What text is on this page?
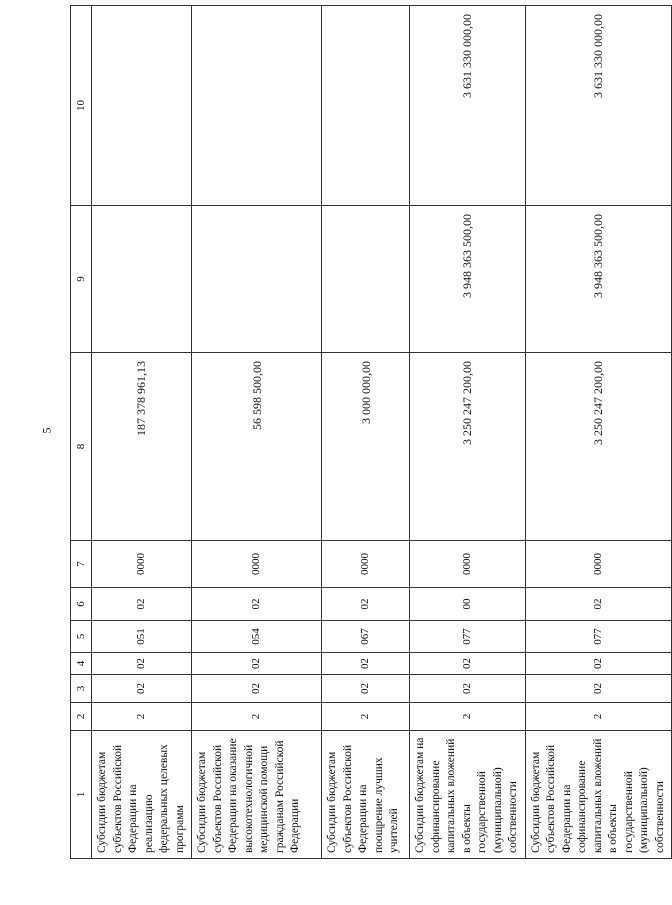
5
1	2	3	4	5	6	7	8	9	10
Субсидии бюджетам субъектов Российской Федерации на реализацию федеральных целевых программ	2	02	02	051	02	0000	187 378 961,13		
Субсидии бюджетам субъектов Российской Федерации на оказание высокотехнологичной медицинской помощи гражданам Российской Федерации	2	02	02	054	02	0000	56 598 500,00		
Субсидии бюджетам субъектов Российской Федерации на поощрение лучших учителей	2	02	02	067	02	0000	3 000 000,00		
Субсидии бюджетам на софинансирование капитальных вложений в объекты государственной (муниципальной) собственности	2	02	02	077	00	0000	3 250 247 200,00	3 948 363 500,00	3 631 330 000,00
Субсидии бюджетам субъектов Российской Федерации на софинансирование капитальных вложений в объекты государственной (муниципальной) собственности	2	02	02	077	02	0000	3 250 247 200,00	3 948 363 500,00	3 631 330 000,00
